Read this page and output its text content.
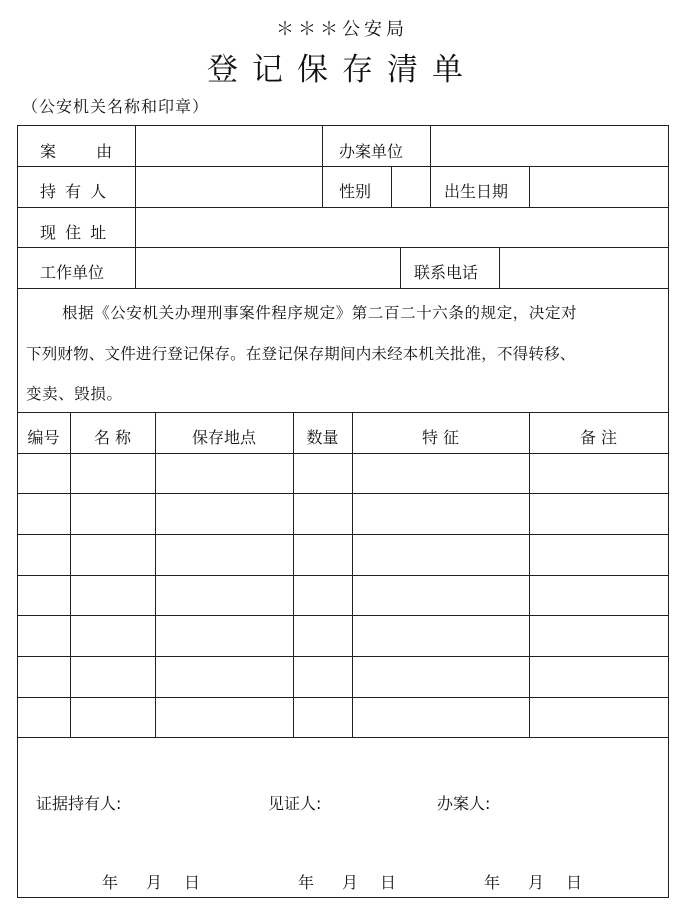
＊＊＊公安局
登记保存清单
（公安机关名称和印章）
案  由	办案单位
持 有 人	性别	出生日期
现 住 址
工作单位	联系电话
根据《公安机关办理刑事案件程序规定》第二百二十六条的规定，决定对
下列财物、文件进行登记保存。在登记保存期间内未经本机关批准，不得转移、
变卖、毁损。
编号	名 称	保存地点	数量	特 征	备 注
证据持有人:	见证人:	办案人:
年 月 日	年 月 日	年 月 日
